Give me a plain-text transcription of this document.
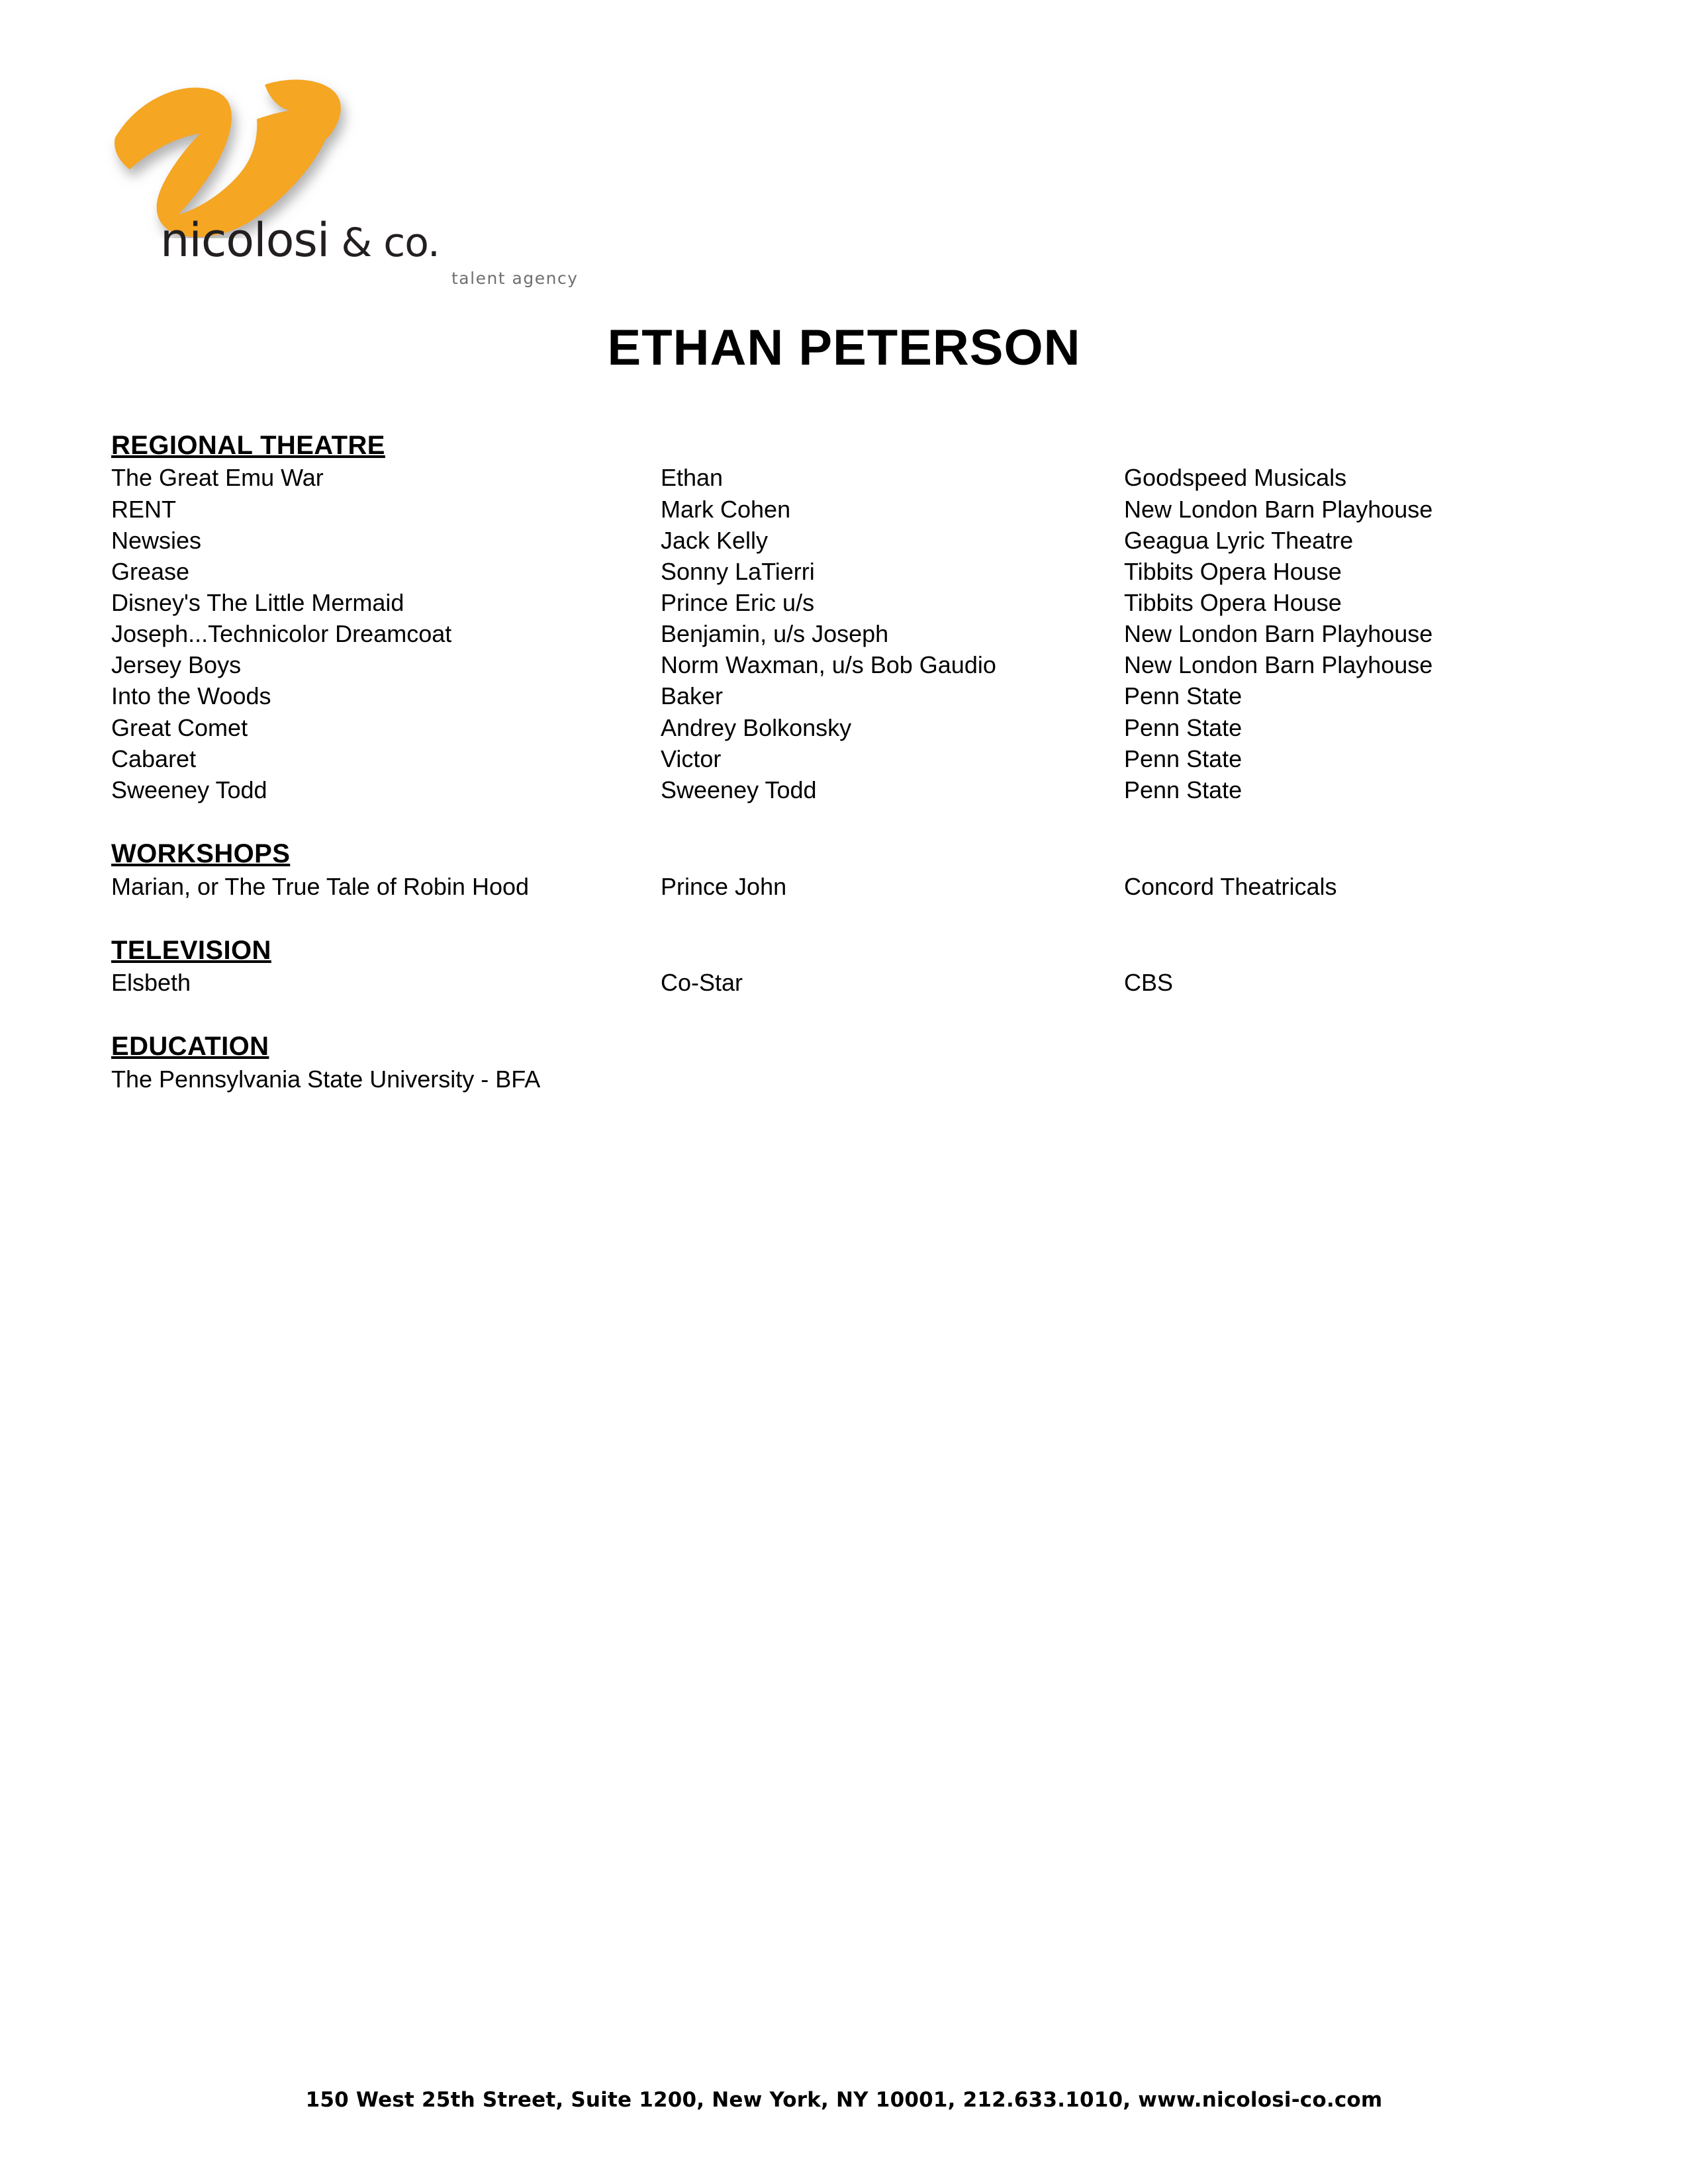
nicolosi & co.
talent agency
ETHAN PETERSON
REGIONAL THEATRE
The Great Emu War	Ethan	Goodspeed Musicals
RENT	Mark Cohen	New London Barn Playhouse
Newsies	Jack Kelly	Geagua Lyric Theatre
Grease	Sonny LaTierri	Tibbits Opera House
Disney's The Little Mermaid	Prince Eric u/s	Tibbits Opera House
Joseph...Technicolor Dreamcoat	Benjamin, u/s Joseph	New London Barn Playhouse
Jersey Boys	Norm Waxman, u/s Bob Gaudio	New London Barn Playhouse
Into the Woods	Baker	Penn State
Great Comet	Andrey Bolkonsky	Penn State
Cabaret	Victor	Penn State
Sweeney Todd	Sweeney Todd	Penn State
WORKSHOPS
Marian, or The True Tale of Robin Hood	Prince John	Concord Theatricals
TELEVISION
Elsbeth	Co-Star	CBS
EDUCATION
The Pennsylvania State University - BFA
150 West 25th Street, Suite 1200, New York, NY 10001, 212.633.1010, www.nicolosi-co.com
